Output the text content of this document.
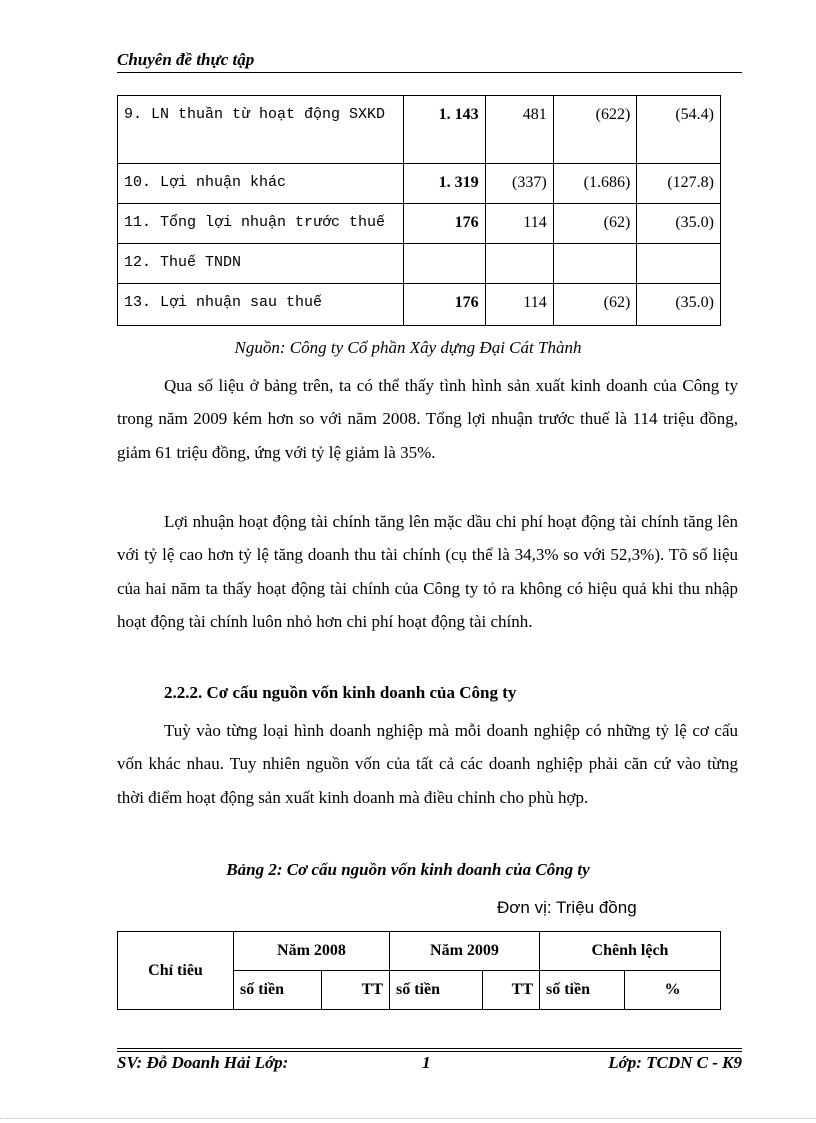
Chuyên đề thực tập
9. LN thuần từ hoạt động SXKD	1. 143	481	(622)	(54.4)
10. Lợi nhuận khác	1. 319	(337)	(1.686)	(127.8)
11. Tổng lợi nhuận trước thuế	176	114	(62)	(35.0)
12. Thuế TNDN				
13. Lợi nhuận sau thuế	176	114	(62)	(35.0)
Nguồn: Công ty Cổ phần Xây dựng Đại Cát Thành

Qua số liệu ở bảng trên, ta có thể thấy tình hình sản xuất kinh doanh của Công ty trong năm 2009 kém hơn so với năm 2008. Tổng lợi nhuận trước thuế là 114 triệu đồng, giảm 61 triệu đồng, ứng với tỷ lệ giảm là 35%.

Lợi nhuận hoạt động tài chính tăng lên mặc dầu chi phí hoạt động tài chính tăng lên với tỷ lệ cao hơn tỷ lệ tăng doanh thu tài chính (cụ thể là 34,3% so với 52,3%). Tõ số liệu của hai năm ta thấy hoạt động tài chính của Công ty tỏ ra không có hiệu quả khi thu nhập hoạt động tài chính luôn nhỏ hơn chi phí hoạt động tài chính.

2.2.2. Cơ cấu nguồn vốn kinh doanh của Công ty

Tuỳ vào từng loại hình doanh nghiệp mà mỗi doanh nghiệp có những tỷ lệ cơ cấu vốn khác nhau. Tuy nhiên nguồn vốn của tất cả các doanh nghiệp phải căn cứ vào từng thời điểm hoạt động sản xuất kinh doanh mà điều chỉnh cho phù hợp.

Bảng 2: Cơ cấu nguồn vốn kinh doanh của Công ty
Đơn vị: Triệu đồng
Chỉ tiêu	Năm 2008		Năm 2009		Chênh lệch	
	số tiền	TT	số tiền	TT	số tiền	%
SV: Đỗ Doanh Hải Lớp:	1	Lớp: TCDN C - K9
